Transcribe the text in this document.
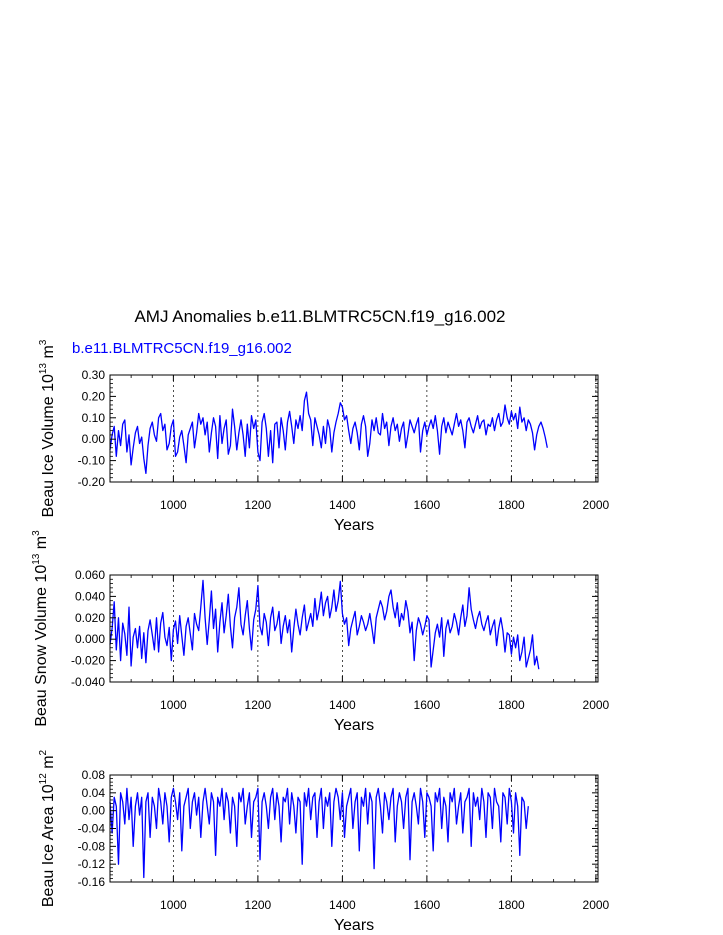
AMJ Anomalies b.e11.BLMTRC5CN.f19_g16.002
b.e11.BLMTRC5CN.f19_g16.002
0.30
0.20
0.10
0.00
-0.10
-0.20
1000	1200	1400	1600	1800	2000
Years
Beau Ice Volume $10^{13}$ $m^3$
0.060
0.040
0.020
0.000
-0.020
-0.040
1000	1200	1400	1600	1800	2000
Years
Beau Snow Volume $10^{13}$ $m^3$
0.08
0.04
0.00
-0.04
-0.08
-0.12
-0.16
1000	1200	1400	1600	1800	2000
Years
Beau Ice Area $10^{12}$ $m^2$
